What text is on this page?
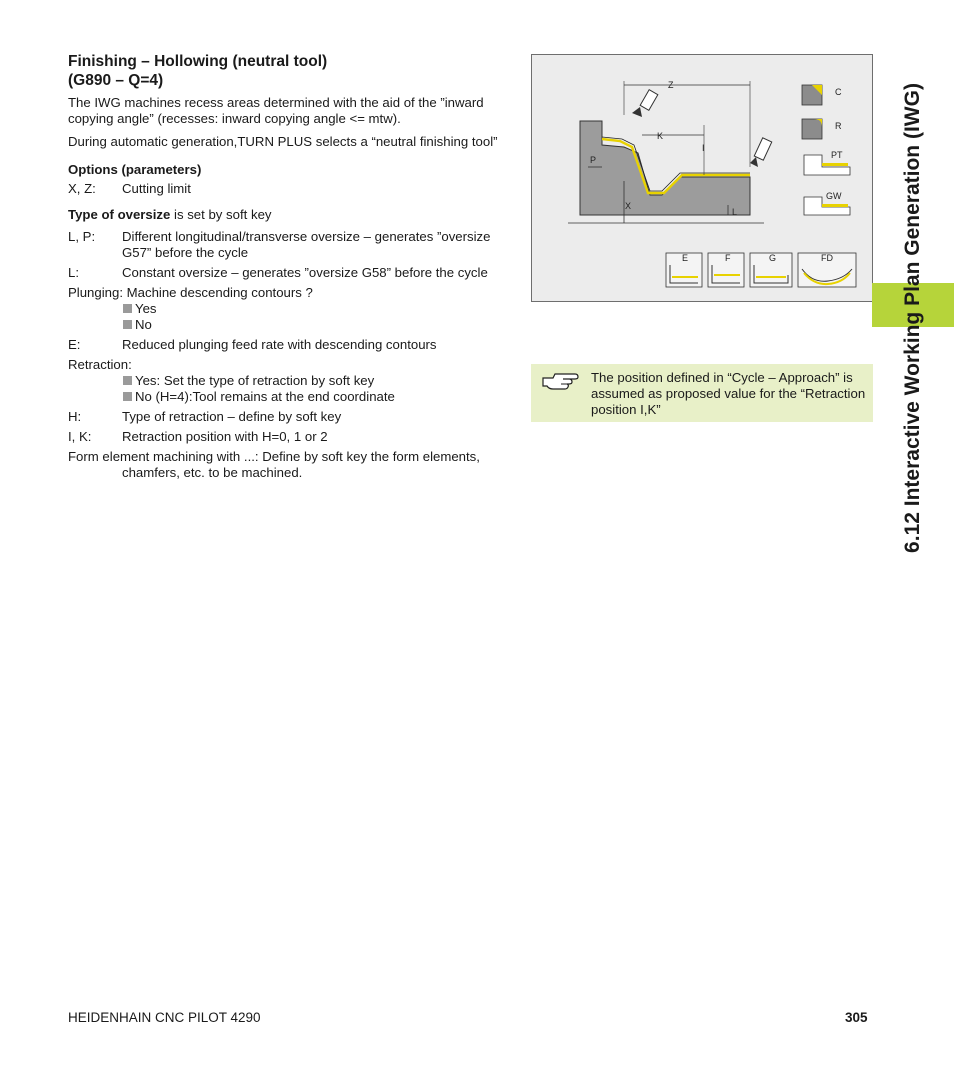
Finishing – Hollowing (neutral tool)
(G890 – Q=4)

The IWG machines recess areas determined with the aid of the ”inward copying angle” (recesses: inward copying angle <= mtw).

During automatic generation,TURN PLUS selects a “neutral finishing tool”

Options (parameters)
X, Z:	Cutting limit
Type of oversize is set by soft key
L, P:	Different longitudinal/transverse oversize – generates ”oversize G57” before the cycle
L:	Constant oversize – generates ”oversize G58” before the cycle
Plunging: Machine descending contours ?
Yes
No
E:	Reduced plunging feed rate with descending contours
Retraction:
Yes: Set the type of retraction by soft key
No (H=4):Tool remains at the end coordinate
H:	Type of retraction – define by soft key
I, K:	Retraction position with H=0, 1 or 2
Form element machining with ...: Define by soft key the form elements, chamfers, etc. to be machined.
Z
K
I
P
X
L
C
R
PT
GW
E	F	G	FD
The position defined in “Cycle – Approach” is assumed as proposed value for the “Retraction position I,K”	6.12 Interactive Working Plan Generation (IWG)
HEIDENHAIN CNC PILOT 4290	305
